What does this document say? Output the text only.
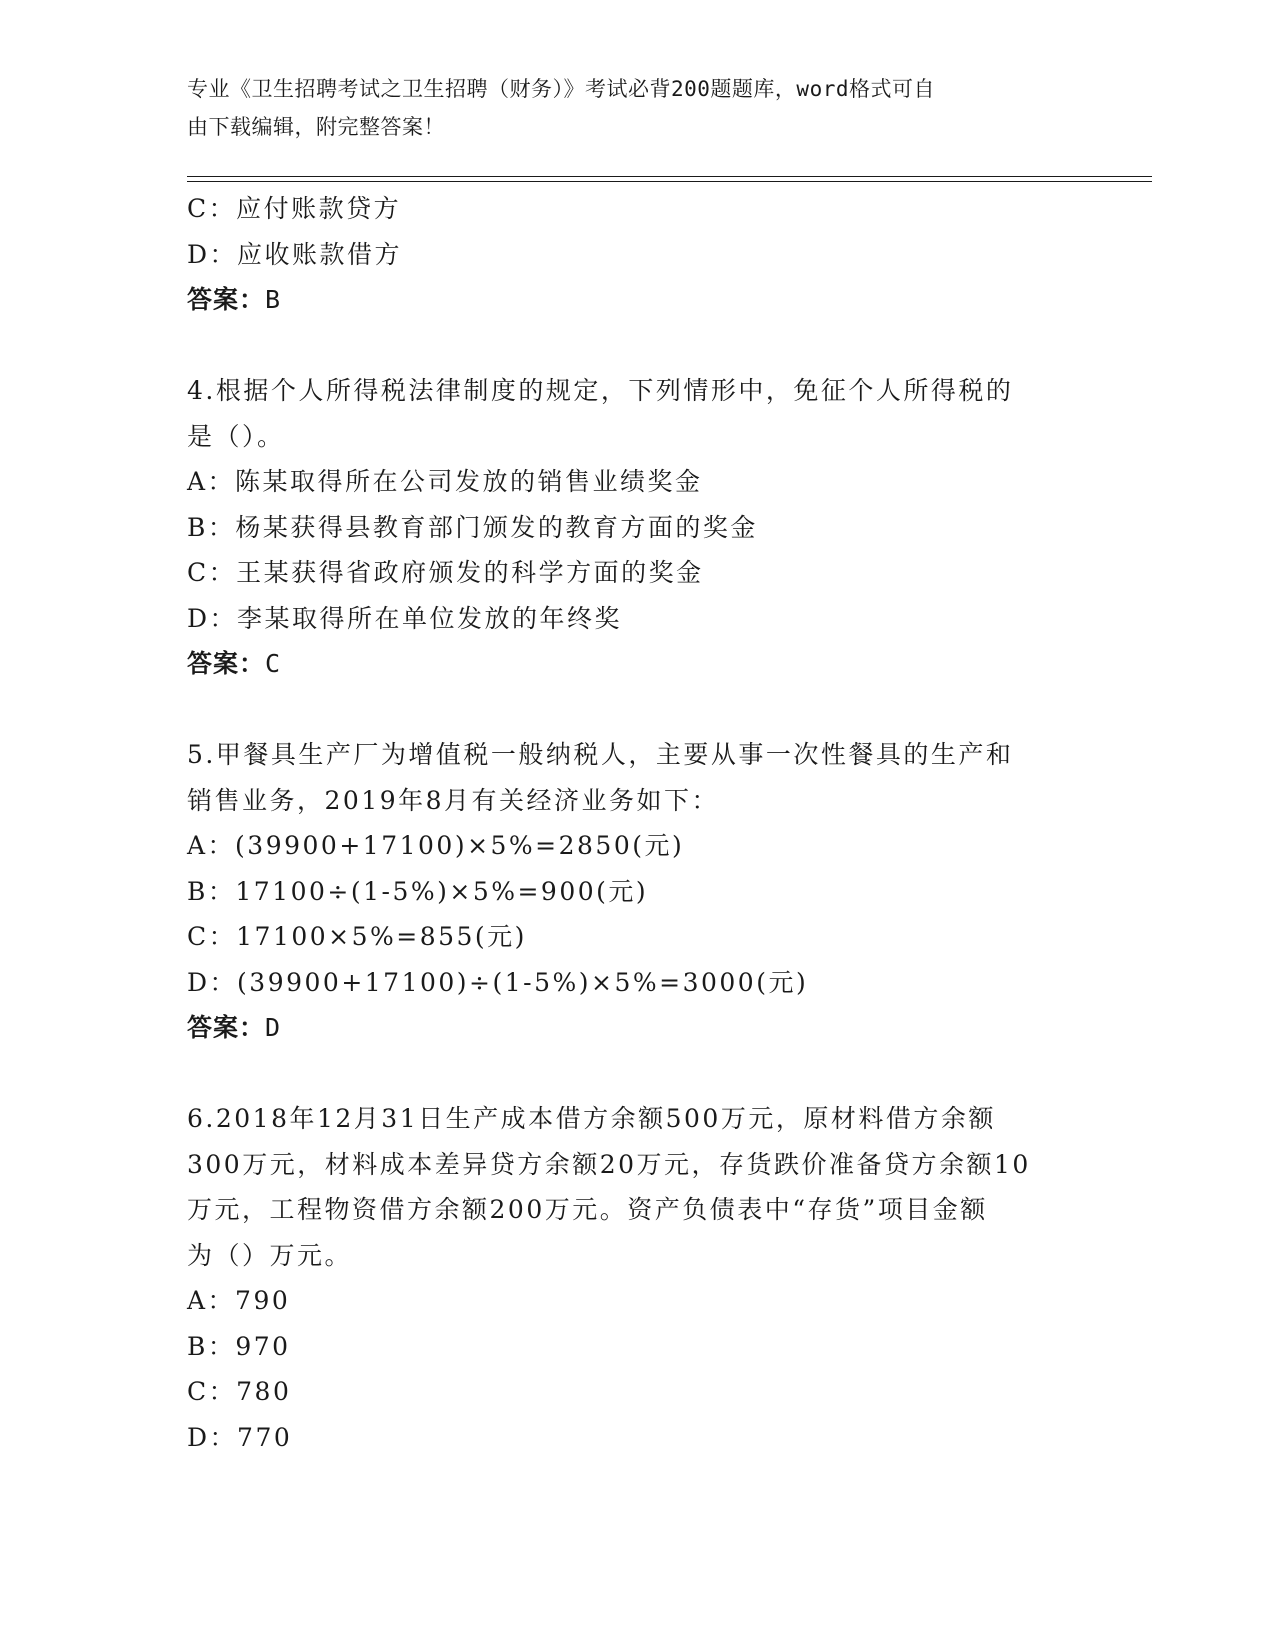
专业《卫生招聘考试之卫生招聘（财务）》考试必背200题题库，word格式可自
由下载编辑，附完整答案！
C：应付账款贷方
D：应收账款借方
答案：B
4.根据个人所得税法律制度的规定，下列情形中，免征个人所得税的
是（）。
A：陈某取得所在公司发放的销售业绩奖金
B：杨某获得县教育部门颁发的教育方面的奖金
C：王某获得省政府颁发的科学方面的奖金
D：李某取得所在单位发放的年终奖
答案：C
5.甲餐具生产厂为增值税一般纳税人，主要从事一次性餐具的生产和
销售业务，2019年8月有关经济业务如下：
A：(39900+17100)×5%=2850(元)
B：17100÷(1-5%)×5%=900(元)
C：17100×5%=855(元)
D：(39900+17100)÷(1-5%)×5%=3000(元)
答案：D
6.2018年12月31日生产成本借方余额500万元，原材料借方余额
300万元，材料成本差异贷方余额20万元，存货跌价准备贷方余额10
万元，工程物资借方余额200万元。资产负债表中“存货”项目金额
为（）万元。
A：790
B：970
C：780
D：770
